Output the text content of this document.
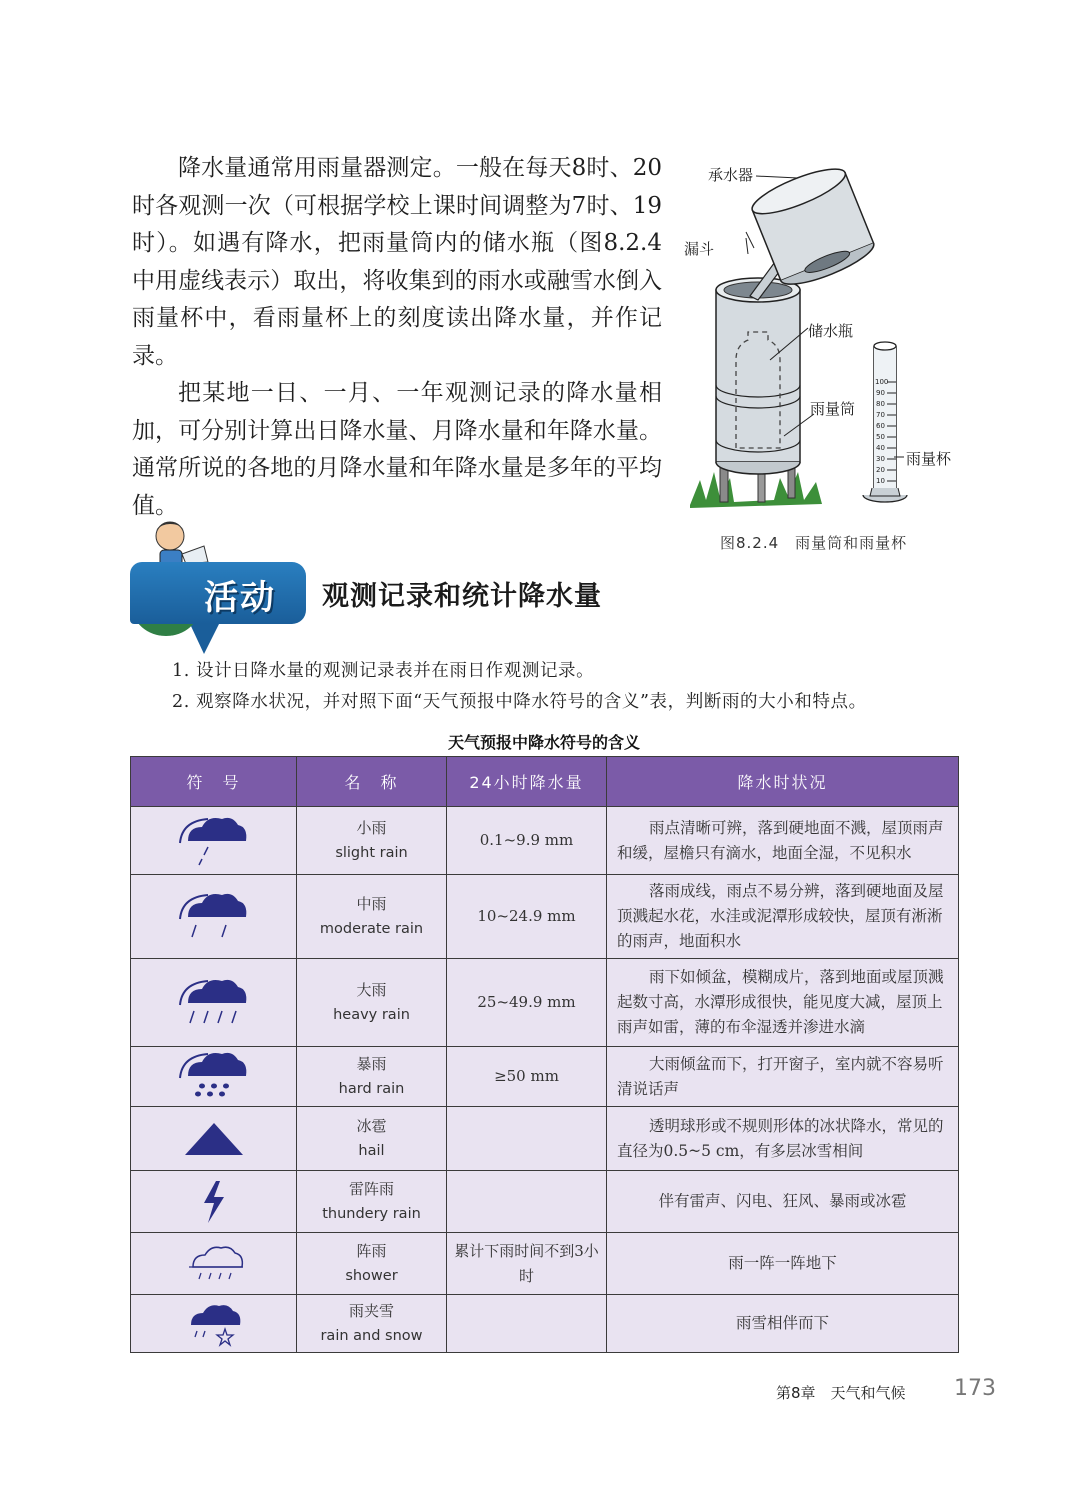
降水量通常用雨量器测定。一般在每天8时、20时各观测一次（可根据学校上课时间调整为7时、19时）。如遇有降水，把雨量筒内的储水瓶（图8.2.4中用虚线表示）取出，将收集到的雨水或融雪水倒入雨量杯中，看雨量杯上的刻度读出降水量，并作记录。

把某地一日、一月、一年观测记录的降水量相加，可分别计算出日降水量、月降水量和年降水量。通常所说的各地的月降水量和年降水量是多年的平均值。

100
90
80
70
60
50
40
30
20
10
承水器
漏斗
储水瓶
雨量筒
雨量杯
图8.2.4　雨量筒和雨量杯
活动 观测记录和统计降水量
1. 设计日降水量的观测记录表并在雨日作观测记录。
2. 观察降水状况，并对照下面“天气预报中降水符号的含义”表，判断雨的大小和特点。
天气预报中降水符号的含义
符　号	名　称	24小时降水量	降水时状况

小雨
slight rain	0.1~9.9 mm	雨点清晰可辨，落到硬地面不溅，屋顶雨声和缓，屋檐只有滴水，地面全湿，不见积水

中雨
moderate rain	10~24.9 mm	落雨成线，雨点不易分辨，落到硬地面及屋顶溅起水花，水洼或泥潭形成较快，屋顶有淅淅的雨声，地面积水

大雨
heavy rain	25~49.9 mm	雨下如倾盆，模糊成片，落到地面或屋顶溅起数寸高，水潭形成很快，能见度大减，屋顶上雨声如雷，薄的布伞湿透并渗进水滴

暴雨
hard rain	≥50 mm	大雨倾盆而下，打开窗子，室内就不容易听清说话声

冰雹
hail		透明球形或不规则形体的冰状降水，常见的直径为0.5~5 cm，有多层冰雪相间

雷阵雨
thundery rain		伴有雷声、闪电、狂风、暴雨或冰雹

阵雨
shower	累计下雨时间不到3小时	雨一阵一阵地下

雨夹雪
rain and snow		雨雪相伴而下
第8章　天气和气候 173
